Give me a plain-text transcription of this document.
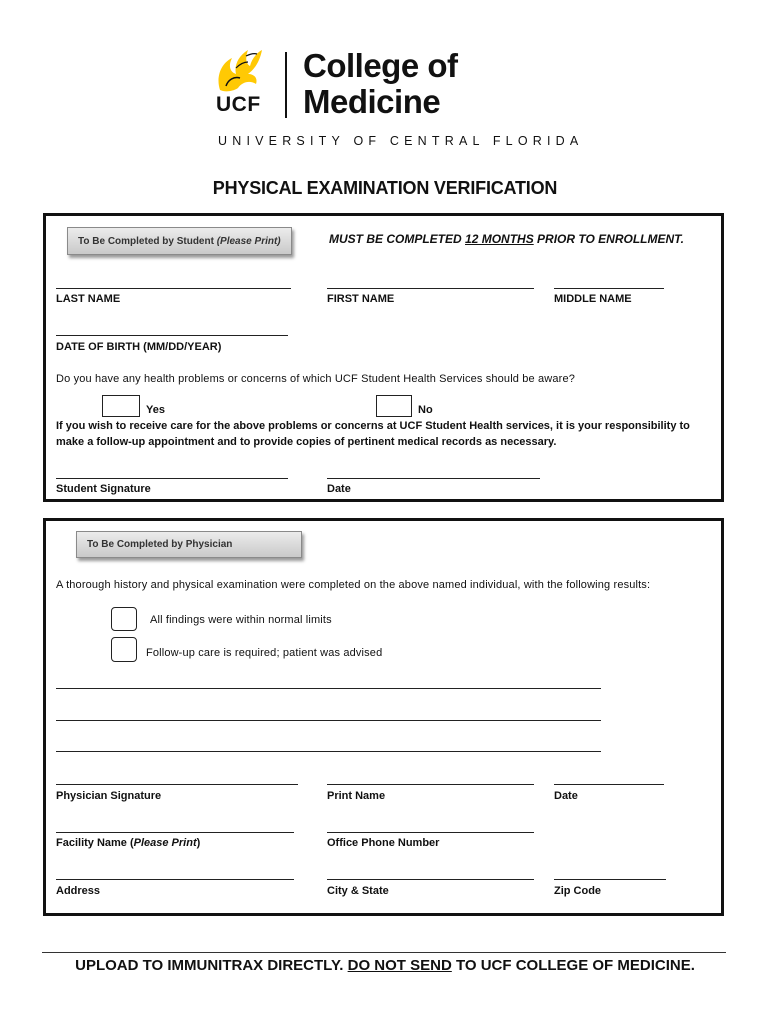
UCF
College of
Medicine
UNIVERSITY OF CENTRAL FLORIDA
PHYSICAL EXAMINATION VERIFICATION
To Be Completed by Student
(Please Print)	MUST BE COMPLETED 12 MONTHS PRIOR TO ENROLLMENT.
LAST NAME	FIRST NAME	MIDDLE NAME
DATE OF BIRTH (MM/DD/YEAR)
Do you have any health problems or concerns of which UCF Student Health Services should be aware?
Yes	No
If you wish to receive care for the above problems or concerns at UCF Student Health services, it is your responsibility to
make a follow-up appointment and to provide copies of pertinent medical records as necessary.
Student Signature	Date
To Be Completed by Physician
A thorough history and physical examination were completed on the above named individual, with the following results:
All findings were within normal limits
Follow-up care is required; patient was advised
Physician Signature	Print Name	Date
Facility Name (Please Print)	Office Phone Number
Address	City & State	Zip Code
UPLOAD TO IMMUNITRAX DIRECTLY. DO NOT SEND TO UCF COLLEGE OF MEDICINE.
